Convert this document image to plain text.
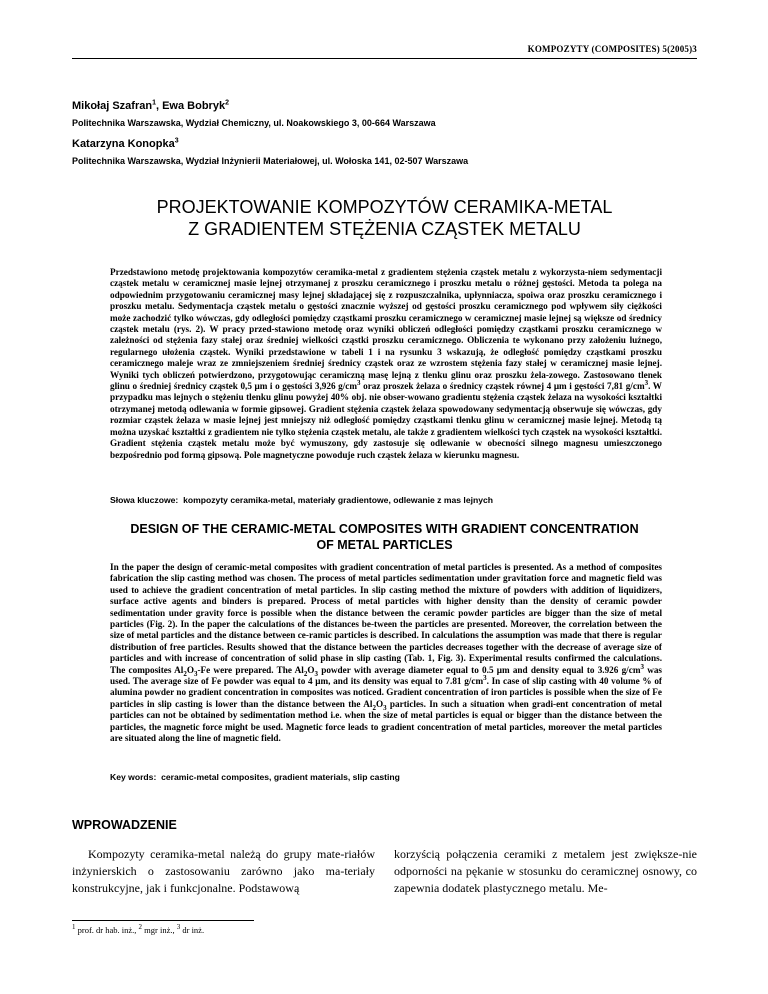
KOMPOZYTY (COMPOSITES) 5(2005)3
Mikołaj Szafran$^1$, Ewa Bobryk$^2$
Politechnika Warszawska, Wydział Chemiczny, ul. Noakowskiego 3, 00-664 Warszawa
Katarzyna Konopka$^3$
Politechnika Warszawska, Wydział Inżynierii Materiałowej, ul. Wołoska 141, 02-507 Warszawa
PROJEKTOWANIE KOMPOZYTÓW CERAMIKA-METAL
Z GRADIENTEM STĘŻENIA CZĄSTEK METALU
Przedstawiono metodę projektowania kompozytów ceramika-metal z gradientem stężenia cząstek metalu z wykorzysta-niem sedymentacji cząstek metalu w ceramicznej masie lejnej otrzymanej z proszku ceramicznego i proszku metalu o różnej gęstości. Metoda ta polega na odpowiednim przygotowaniu ceramicznej masy lejnej składającej się z rozpuszczalnika, upłynniacza, spoiwa oraz proszku ceramicznego i proszku metalu. Sedymentacja cząstek metalu o gęstości znacznie wyższej od gęstości proszku ceramicznego pod wpływem siły ciężkości może zachodzić tylko wówczas, gdy odległości pomiędzy cząstkami proszku ceramicznego w ceramicznej masie lejnej są większe od średnicy cząstek metalu (rys. 2). W pracy przed-stawiono metodę oraz wyniki obliczeń odległości pomiędzy cząstkami proszku ceramicznego w zależności od stężenia fazy stałej oraz średniej wielkości cząstki proszku ceramicznego. Obliczenia te wykonano przy założeniu luźnego, regularnego ułożenia cząstek. Wyniki przedstawione w tabeli 1 i na rysunku 3 wskazują, że odległość pomiędzy cząstkami proszku ceramicznego maleje wraz ze zmniejszeniem średniej średnicy cząstek oraz ze wzrostem stężenia fazy stałej w ceramicznej masie lejnej. Wyniki tych obliczeń potwierdzono, przygotowując ceramiczną masę lejną z tlenku glinu oraz proszku żela-zowego. Zastosowano tlenek glinu o średniej średnicy cząstek 0,5 μm i o gęstości 3,926 $g/cm^3$ oraz proszek żelaza o średnicy cząstek równej 4 μm i gęstości 7,81 $g/cm^3$. W przypadku mas lejnych o stężeniu tlenku glinu powyżej 40% obj. nie obser-wowano gradientu stężenia cząstek żelaza na wysokości kształtki otrzymanej metodą odlewania w formie gipsowej. Gradient stężenia cząstek żelaza spowodowany sedymentacją obserwuje się wówczas, gdy rozmiar cząstek żelaza w masie lejnej jest mniejszy niż odległość pomiędzy cząstkami tlenku glinu w ceramicznej masie lejnej. Metodą tą można uzyskać kształtki z gradientem nie tylko stężenia cząstek metalu, ale także z gradientem wielkości tych cząstek na wysokości kształtki. Gradient stężenia cząstek metalu może być wymuszony, gdy zastosuje się odlewanie w obecności silnego magnesu umieszczonego bezpośrednio pod formą gipsową. Pole magnetyczne powoduje ruch cząstek żelaza w kierunku magnesu.
Słowa kluczowe: kompozyty ceramika-metal, materiały gradientowe, odlewanie z mas lejnych
DESIGN OF THE CERAMIC-METAL COMPOSITES WITH GRADIENT CONCENTRATION
OF METAL PARTICLES
In the paper the design of ceramic-metal composites with gradient concentration of metal particles is presented. As a method of composites fabrication the slip casting method was chosen. The process of metal particles sedimentation under gravitation force and magnetic field was used to achieve the gradient concentration of metal particles. In slip casting method the mixture of powders with addition of liquidizers, surface active agents and binders is prepared. Process of metal particles with higher density than the density of ceramic powder sedimentation under gravity force is possible when the distance between the ceramic powder particles are bigger than the size of metal particles (Fig. 2). In the paper the calculations of the distances be-tween the particles are presented. Moreover, the correlation between the size of metal particles and the distance between ce-ramic particles is described. In calculations the assumption was made that there is regular distribution of free particles. Results showed that the distance between the particles decreases together with the decrease of average size of particles and with increase of concentration of solid phase in slip casting (Tab. 1, Fig. 3). Experimental results confirmed the calculations. The composites $Al_2O_3-Fe$ were prepared. The $Al_2O_3$ powder with average diameter equal to 0.5 μm and density equal to 3.926 $g/cm^3$ was used. The average size of Fe powder was equal to 4 μm, and its density was equal to 7.81 $g/cm^3$. In case of slip casting with 40 volume % of alumina powder no gradient concentration in composites was noticed. Gradient concentration of iron particles is possible when the size of Fe particles in slip casting is lower than the distance between the $Al_2O_3$ particles. In such a situation when gradi-ent concentration of metal particles can not be obtained by sedimentation method i.e. when the size of metal particles is equal or bigger than the distance between the particles, the magnetic force might be used. Magnetic force leads to gradient concentration of metal particles, moreover the metal particles are situated along the line of magnetic field.
Key words: ceramic-metal composites, gradient materials, slip casting
WPROWADZENIE
Kompozyty ceramika-metal należą do grupy mate-riałów inżynierskich o zastosowaniu zarówno jako ma-teriały konstrukcyjne, jak i funkcjonalne. Podstawową
korzyścią połączenia ceramiki z metalem jest zwiększe-nie odporności na pękanie w stosunku do ceramicznej osnowy, co zapewnia dodatek plastycznego metalu. Me-
$^1$ prof. dr hab. inż., $^2$ mgr inż., $^3$ dr inż.
